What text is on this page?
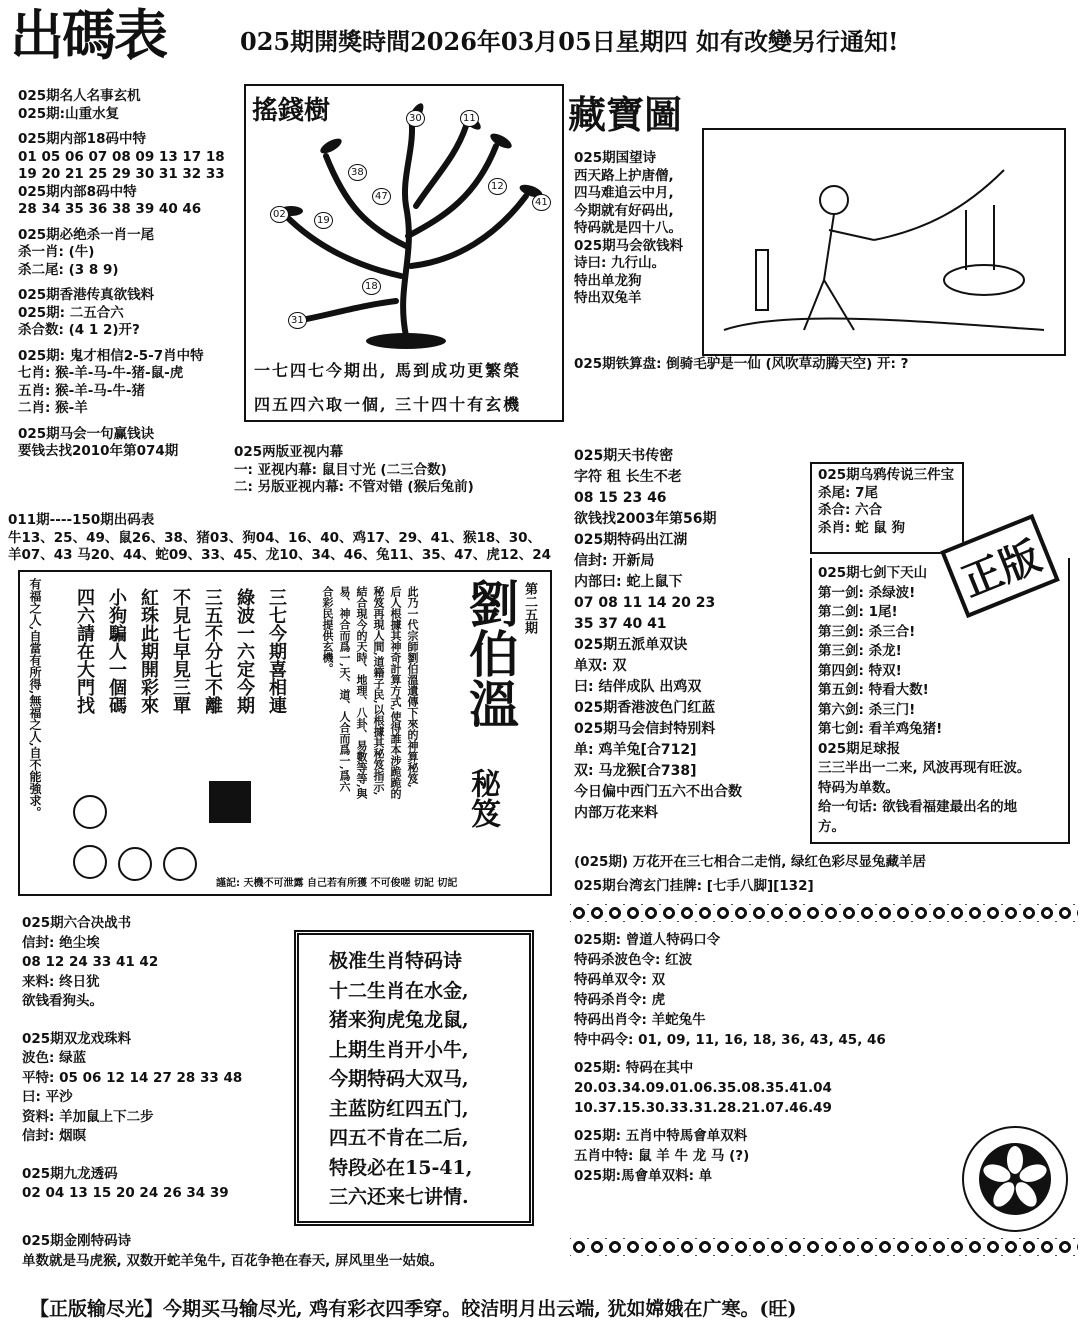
出碼表	025期開獎時間2026年03月05日星期四 如有改變另行通知!
025期名人名事玄机
025期:山重水复
025期内部18码中特
01 05 06 07 08 09 13 17 18
19 20 21 25 29 30 31 32 33
025期内部8码中特
28 34 35 36 38 39 40 46
025期必绝杀一肖一尾
杀一肖: (牛)
杀二尾: (3 8 9)
025期香港传真欲钱料
025期: 二五合六
杀合数: (4 1 2)开?
025期: 鬼才相信2-5-7肖中特
七肖: 猴-羊-马-牛-猪-鼠-虎
五肖: 猴-羊-马-牛-猪
二肖: 猴-羊
025期马会一句赢钱诀
要钱去找2010年第074期
搖錢樹	30	11
38
47
12
41
02
19
18
31
一七四七今期出, 馬到成功更繁榮
四五四六取一個, 三十四十有玄機
藏寶圖
025期国望诗
西天路上护唐僧,
四马难追云中月,
今期就有好码出,
特码就是四十八。
025期马会欲钱料
诗曰: 九行山。
特出单龙狗
特出双兔羊
025期铁算盘: 倒骑毛驴是一仙 (风吹草动腾天空) 开: ?
025两版亚视内幕
一: 亚视内幕: 鼠目寸光 (二三合数)
二: 另版亚视内幕: 不管对错 (猴后兔前)
011期----150期出码表
牛13、25、49、鼠26、38、猪03、狗04、16、40、鸡17、29、41、猴18、30、
羊07、43 马20、44、蛇09、33、45、龙10、34、46、兔11、35、47、虎12、24
有福之人,自當有所得,無福之人,自不能強求。	三七今期喜相連
綠波一六定今期
三五不分七不離
不見七早見三單
紅珠此期開彩來
小狗騙人一個碼
四六請在大門找	此乃一代宗師劉伯溫遺傳下來的神算秘笈,
后人根據其神奇計算方式,使得誰本涉跪跪的
秘笈再現人間,道籍子民,以根據其秘笈指示,
結合現今的天時、地理、八卦、易數等等,與
易、神合而爲一,天、道、人合而爲一,爲六
合彩民提供玄機。	劉伯溫 第二五期
秘笈
謹記: 天機不可泄露 自己若有所獲 不可俊嗟 切記 切記
025期天书传密
字符 租 长生不老
08 15 23 46
欲钱找2003年第56期
025期特码出江湖
信封: 开新局
内部曰: 蛇上鼠下
07 08 11 14 20 23
35 37 40 41
025期五派单双诀
单双: 双
曰: 结伴成队 出鸡双
025期香港波色门红蓝
025期马会信封特别料
单: 鸡羊兔[合712]
双: 马龙猴[合738]
今日偏中西门五六不出合数
内部万花来料
(025期) 万花开在三七相合二走悄, 绿红色彩尽显兔藏羊居
025期台湾玄门挂牌: [七手八脚][132]
025期乌鸦传说三件宝
杀尾: 7尾
杀合: 六合
杀肖: 蛇 鼠 狗
正版
025期七剑下天山
第一剑: 杀绿波!
第二剑: 1尾!
第三剑: 杀三合!
第三剑: 杀龙!
第四剑: 特双!
第五剑: 特看大数!
第六剑: 杀三门!
第七剑: 看羊鸡兔猪!
025期足球报
三三半出一二来, 风波再现有旺波。
特码为单数。
给一句话: 欲钱看福建最出名的地
方。
025期: 曾道人特码口令
特码杀波色令: 红波
特码单双令: 双
特码杀肖令: 虎
特码出肖令: 羊蛇兔牛
特中码令: 01, 09, 11, 16, 18, 36, 43, 45, 46
025期: 特码在其中
20.03.34.09.01.06.35.08.35.41.04
10.37.15.30.33.31.28.21.07.46.49
025期: 五肖中特馬會单双料
五肖中特: 鼠 羊 牛 龙 马 (?)
025期:馬會单双料: 单
025期六合决战书
信封: 绝尘埃
08 12 24 33 41 42
来料: 终日犹
欲钱看狗头。
025期双龙戏珠料
波色: 绿蓝
平特: 05 06 12 14 27 28 33 48
曰: 平沙
资料: 羊加鼠上下二步
信封: 烟暝
025期九龙透码
02 04 13 15 20 24 26 34 39
025期金刚特码诗
单数就是马虎猴, 双数开蛇羊兔牛, 百花争艳在春天, 屏风里坐一姑娘。
极准生肖特码诗
十二生肖在水金,
猪来狗虎兔龙鼠,
上期生肖开小牛,
今期特码大双马,
主蓝防红四五门,
四五不肯在二后,
特段必在15-41,
三六还来七讲情.
【正版输尽光】今期买马输尽光, 鸡有彩衣四季穿。皎洁明月出云端, 犹如嫦娥在广寒。(旺)
